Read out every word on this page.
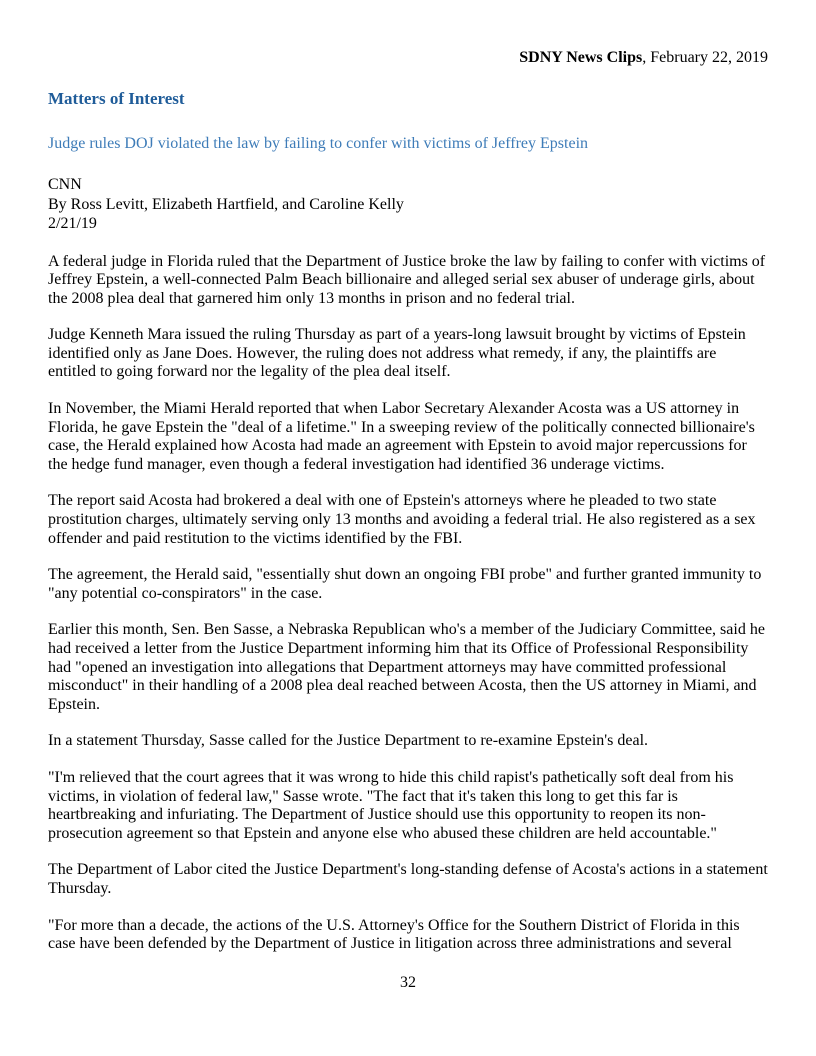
SDNY News Clips, February 22, 2019
Matters of Interest
Judge rules DOJ violated the law by failing to confer with victims of Jeffrey Epstein
CNN
By Ross Levitt, Elizabeth Hartfield, and Caroline Kelly
2/21/19

A federal judge in Florida ruled that the Department of Justice broke the law by failing to confer with victims of Jeffrey Epstein, a well-connected Palm Beach billionaire and alleged serial sex abuser of underage girls, about the 2008 plea deal that garnered him only 13 months in prison and no federal trial.

Judge Kenneth Mara issued the ruling Thursday as part of a years-long lawsuit brought by victims of Epstein identified only as Jane Does. However, the ruling does not address what remedy, if any, the plaintiffs are entitled to going forward nor the legality of the plea deal itself.

In November, the Miami Herald reported that when Labor Secretary Alexander Acosta was a US attorney in Florida, he gave Epstein the "deal of a lifetime." In a sweeping review of the politically connected billionaire's case, the Herald explained how Acosta had made an agreement with Epstein to avoid major repercussions for the hedge fund manager, even though a federal investigation had identified 36 underage victims.

The report said Acosta had brokered a deal with one of Epstein's attorneys where he pleaded to two state prostitution charges, ultimately serving only 13 months and avoiding a federal trial. He also registered as a sex offender and paid restitution to the victims identified by the FBI.

The agreement, the Herald said, "essentially shut down an ongoing FBI probe" and further granted immunity to "any potential co-conspirators" in the case.

Earlier this month, Sen. Ben Sasse, a Nebraska Republican who's a member of the Judiciary Committee, said he had received a letter from the Justice Department informing him that its Office of Professional Responsibility had "opened an investigation into allegations that Department attorneys may have committed professional misconduct" in their handling of a 2008 plea deal reached between Acosta, then the US attorney in Miami, and Epstein.

In a statement Thursday, Sasse called for the Justice Department to re-examine Epstein's deal.

"I'm relieved that the court agrees that it was wrong to hide this child rapist's pathetically soft deal from his victims, in violation of federal law," Sasse wrote. "The fact that it's taken this long to get this far is heartbreaking and infuriating. The Department of Justice should use this opportunity to reopen its non-prosecution agreement so that Epstein and anyone else who abused these children are held accountable."

The Department of Labor cited the Justice Department's long-standing defense of Acosta's actions in a statement Thursday.

"For more than a decade, the actions of the U.S. Attorney's Office for the Southern District of Florida in this case have been defended by the Department of Justice in litigation across three administrations and several

32
